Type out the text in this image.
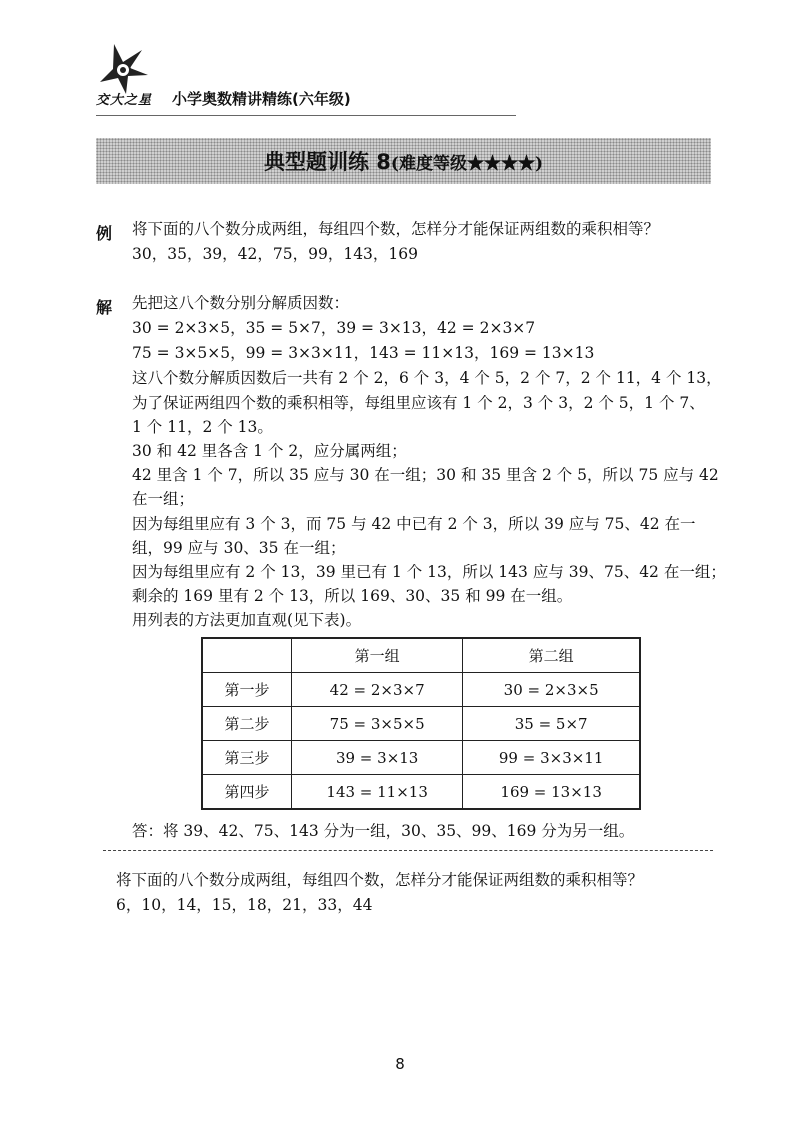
交大之星 小学奥数精讲精练(六年级)
典型题训练 8 (难度等级★★★★)
例 将下面的八个数分成两组，每组四个数，怎样分才能保证两组数的乘积相等？
30，35，39，42，75，99，143，169
解 先把这八个数分别分解质因数：
30 = 2×3×5，35 = 5×7，39 = 3×13，42 = 2×3×7
75 = 3×5×5，99 = 3×3×11，143 = 11×13，169 = 13×13
这八个数分解质因数后一共有 2 个 2，6 个 3，4 个 5，2 个 7，2 个 11，4 个 13，
为了保证两组四个数的乘积相等，每组里应该有 1 个 2，3 个 3，2 个 5，1 个 7、
1 个 11，2 个 13。
30 和 42 里各含 1 个 2，应分属两组；
42 里含 1 个 7，所以 35 应与 30 在一组；30 和 35 里含 2 个 5，所以 75 应与 42
在一组；
因为每组里应有 3 个 3，而 75 与 42 中已有 2 个 3，所以 39 应与 75、42 在一
组，99 应与 30、35 在一组；
因为每组里应有 2 个 13，39 里已有 1 个 13，所以 143 应与 39、75、42 在一组；
剩余的 169 里有 2 个 13，所以 169、30、35 和 99 在一组。
用列表的方法更加直观(见下表)。
	第一组	第二组
第一步	42 = 2×3×7	30 = 2×3×5
第二步	75 = 3×5×5	35 = 5×7
第三步	39 = 3×13	99 = 3×3×11
第四步	143 = 11×13	169 = 13×13
答：将 39、42、75、143 分为一组，30、35、99、169 分为另一组。
将下面的八个数分成两组，每组四个数，怎样分才能保证两组数的乘积相等？
6，10，14，15，18，21，33，44
8
